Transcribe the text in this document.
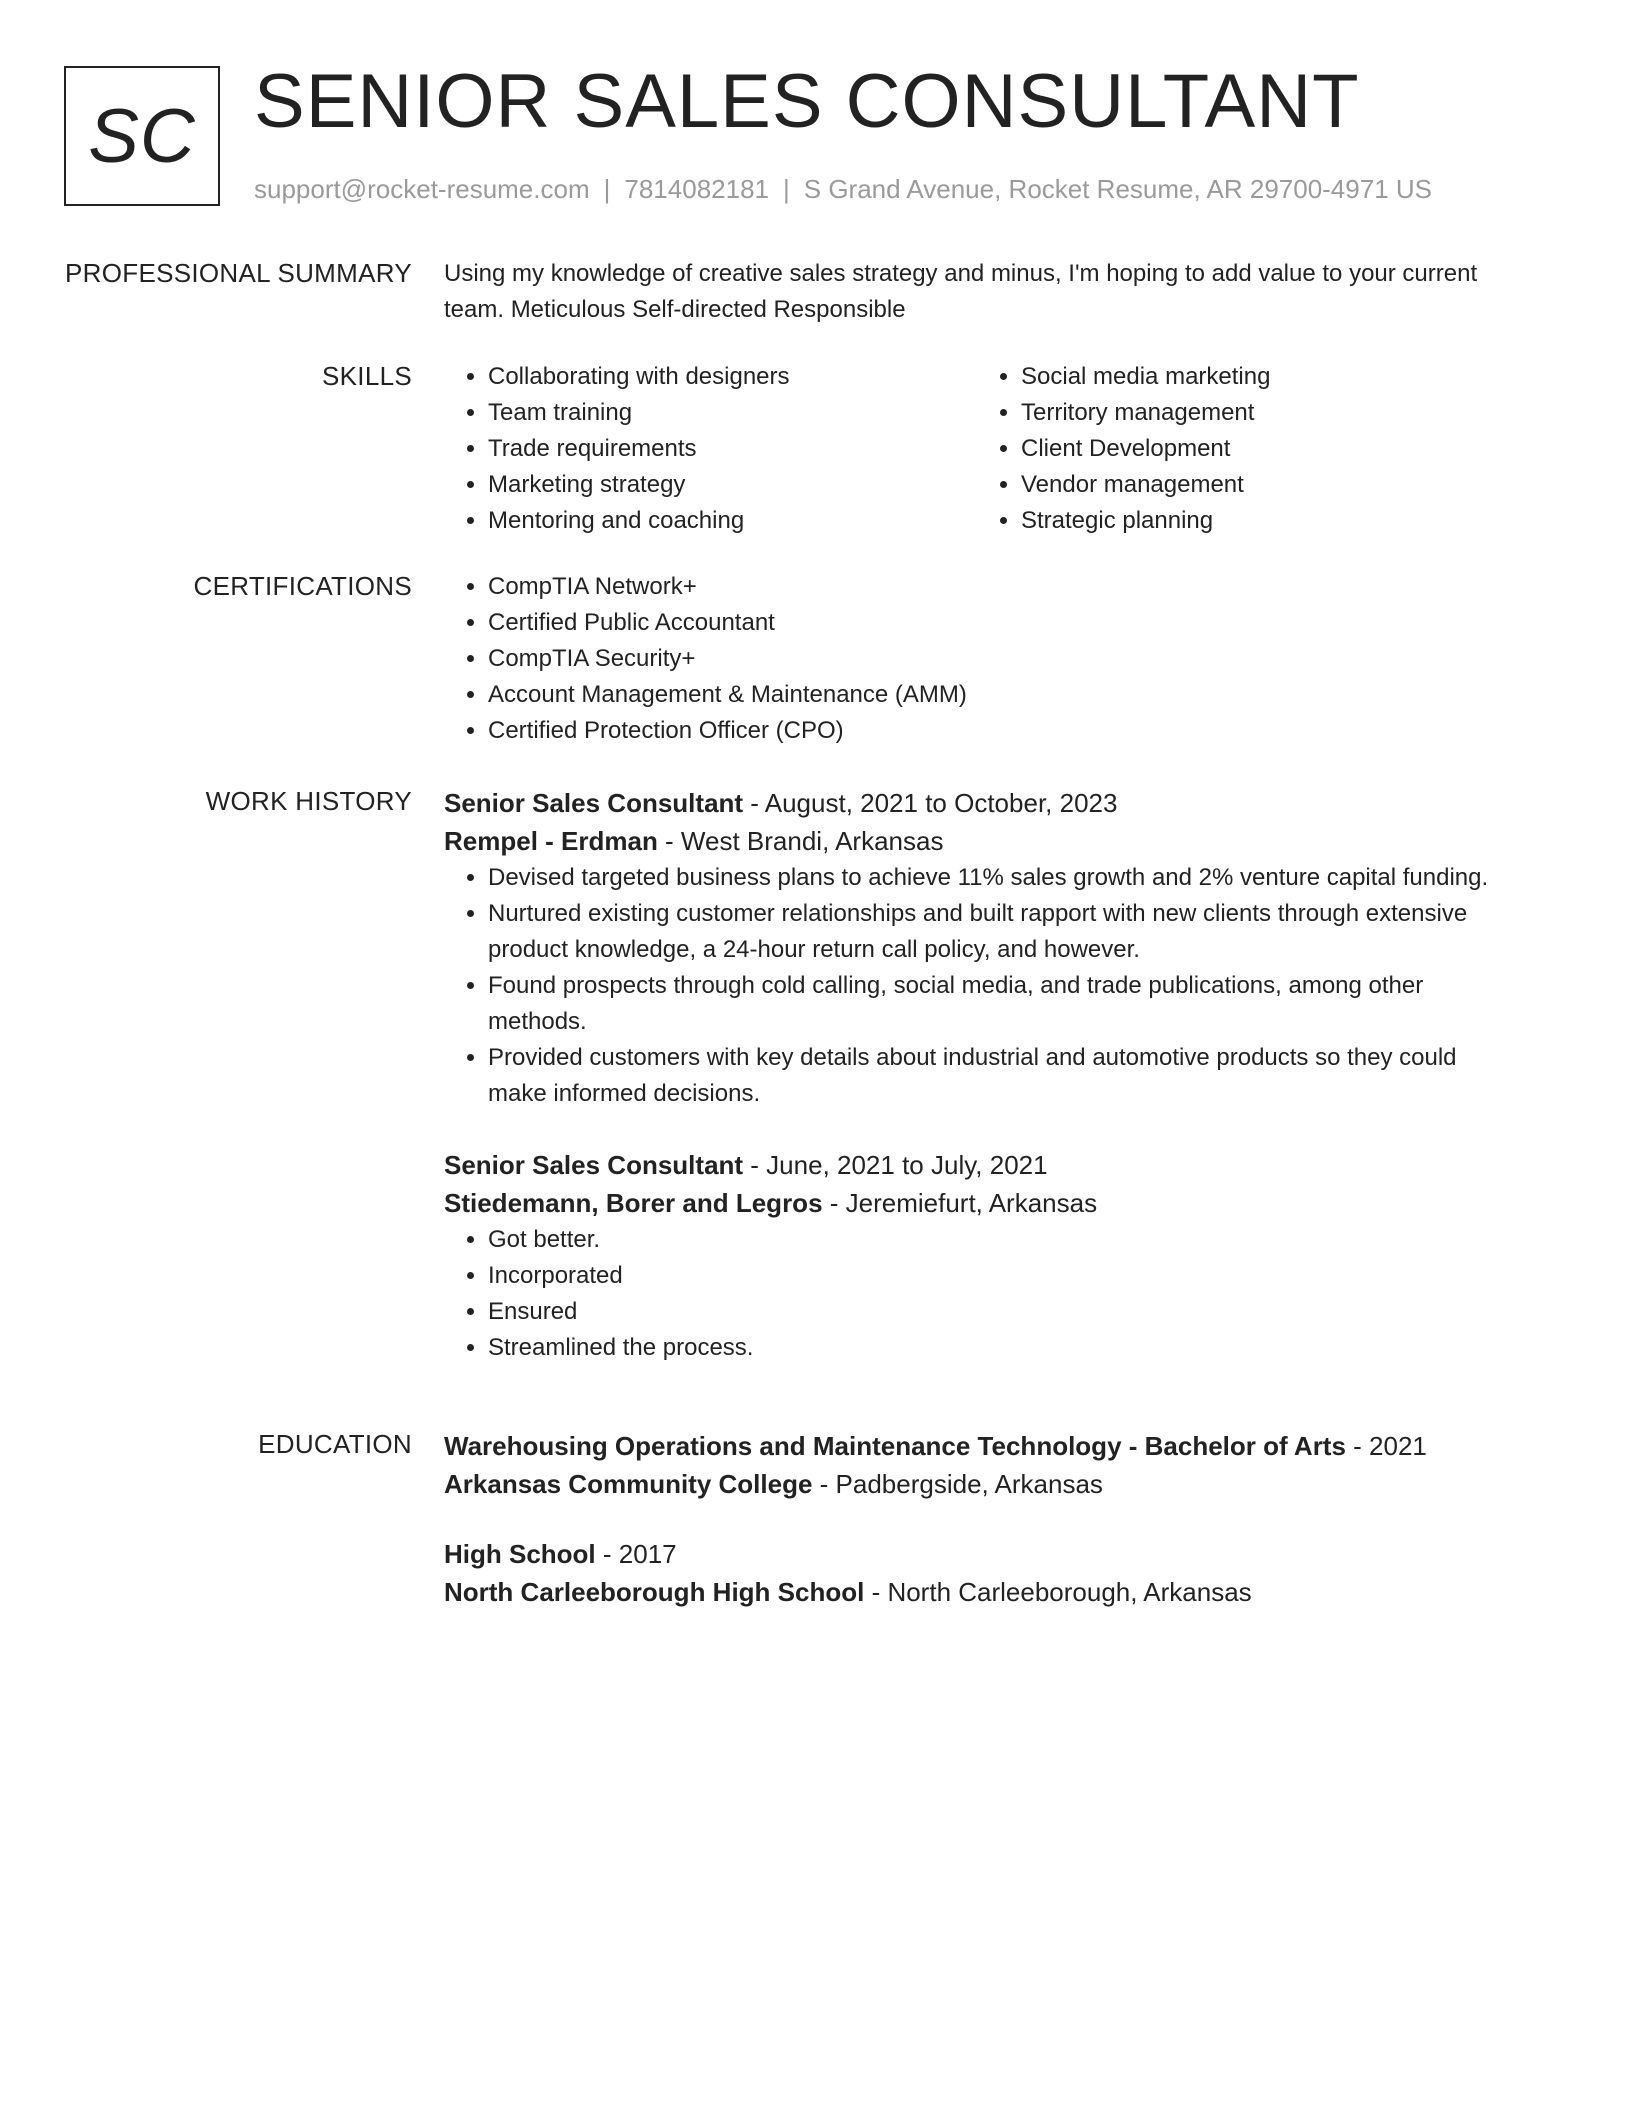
SC SENIOR SALES CONSULTANT
support@rocket-resume.com | 7814082181 | S Grand Avenue, Rocket Resume, AR 29700-4971 US
PROFESSIONAL SUMMARY Using my knowledge of creative sales strategy and minus, I'm hoping to add value to your current team. Meticulous Self-directed Responsible
SKILLS	• Collaborating with designers
• Team training
• Trade requirements
• Marketing strategy
• Mentoring and coaching
• Social media marketing
• Territory management
• Client Development
• Vendor management
• Strategic planning
CERTIFICATIONS	• CompTIA Network+
• Certified Public Accountant
• CompTIA Security+
• Account Management & Maintenance (AMM)
• Certified Protection Officer (CPO)
WORK HISTORY Senior Sales Consultant - August, 2021 to October, 2023
Rempel - Erdman - West Brandi, Arkansas
• Devised targeted business plans to achieve 11% sales growth and 2% venture capital funding.
• Nurtured existing customer relationships and built rapport with new clients through extensive product knowledge, a 24-hour return call policy, and however.
• Found prospects through cold calling, social media, and trade publications, among other methods.
• Provided customers with key details about industrial and automotive products so they could make informed decisions.
Senior Sales Consultant - June, 2021 to July, 2021
Stiedemann, Borer and Legros - Jeremiefurt, Arkansas
• Got better.
• Incorporated
• Ensured
• Streamlined the process.
EDUCATION Warehousing Operations and Maintenance Technology - Bachelor of Arts - 2021
Arkansas Community College - Padbergside, Arkansas
High School - 2017
North Carleeborough High School - North Carleeborough, Arkansas
